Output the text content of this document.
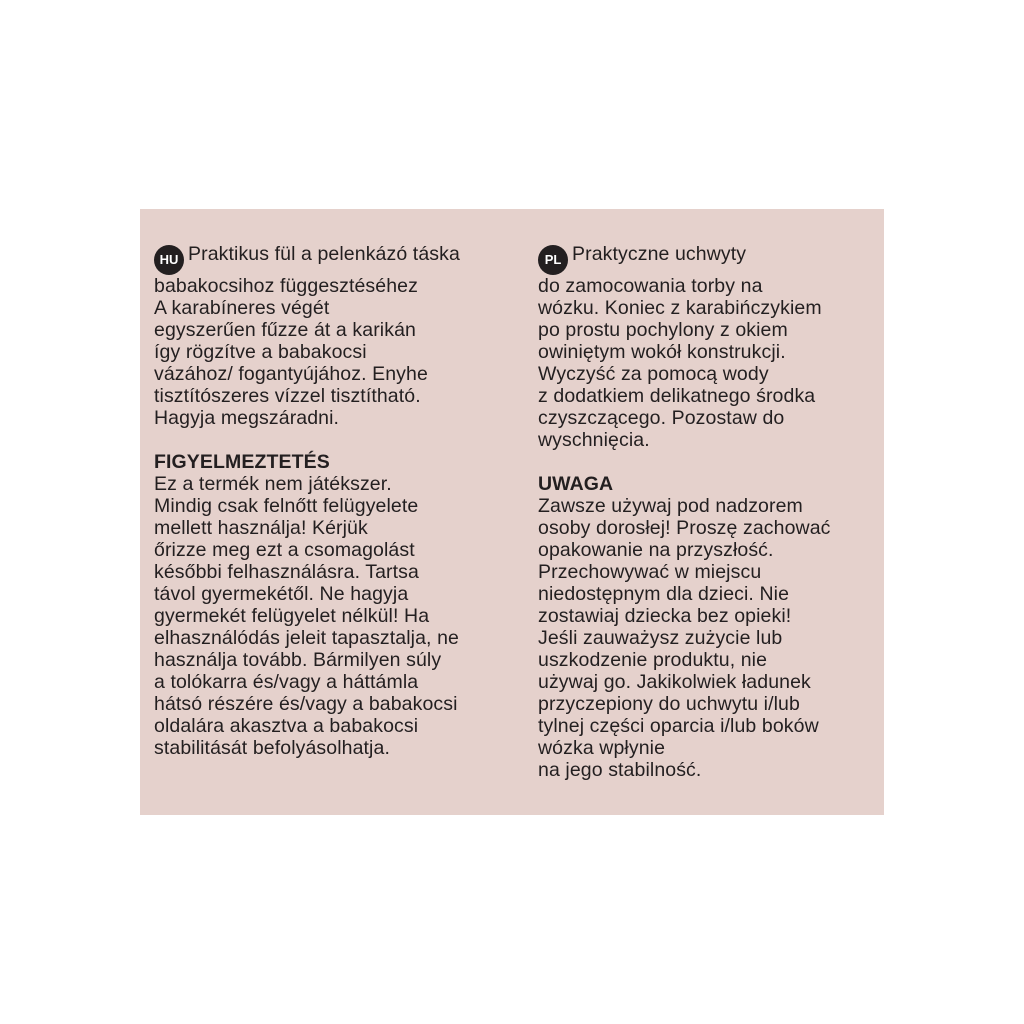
HU Praktikus fül a pelenkázó táska
babakocsihoz függesztéséhez
A karabíneres végét
egyszerűen fűzze át a karikán
így rögzítve a babakocsi
vázához/ fogantyújához. Enyhe
tisztítószeres vízzel tisztítható.
Hagyja megszáradni.
FIGYELMEZTETÉS
Ez a termék nem játékszer.
Mindig csak felnőtt felügyelete
mellett használja! Kérjük
őrizze meg ezt a csomagolást
későbbi felhasználásra. Tartsa
távol gyermekétől. Ne hagyja
gyermekét felügyelet nélkül! Ha
elhasználódás jeleit tapasztalja, ne
használja tovább. Bármilyen súly
a tolókarra és/vagy a háttámla
hátsó részére és/vagy a babakocsi
oldalára akasztva a babakocsi
stabilitását befolyásolhatja.
PL Praktyczne uchwyty
do zamocowania torby na
wózku. Koniec z karabińczykiem
po prostu pochylony z okiem
owiniętym wokół konstrukcji.
Wyczyść za pomocą wody
z dodatkiem delikatnego środka
czyszczącego. Pozostaw do
wyschnięcia.
UWAGA
Zawsze używaj pod nadzorem
osoby dorosłej! Proszę zachować
opakowanie na przyszłość.
Przechowywać w miejscu
niedostępnym dla dzieci. Nie
zostawiaj dziecka bez opieki!
Jeśli zauważysz zużycie lub
uszkodzenie produktu, nie
używaj go. Jakikolwiek ładunek
przyczepiony do uchwytu i/lub
tylnej części oparcia i/lub boków
wózka wpłynie
na jego stabilność.
